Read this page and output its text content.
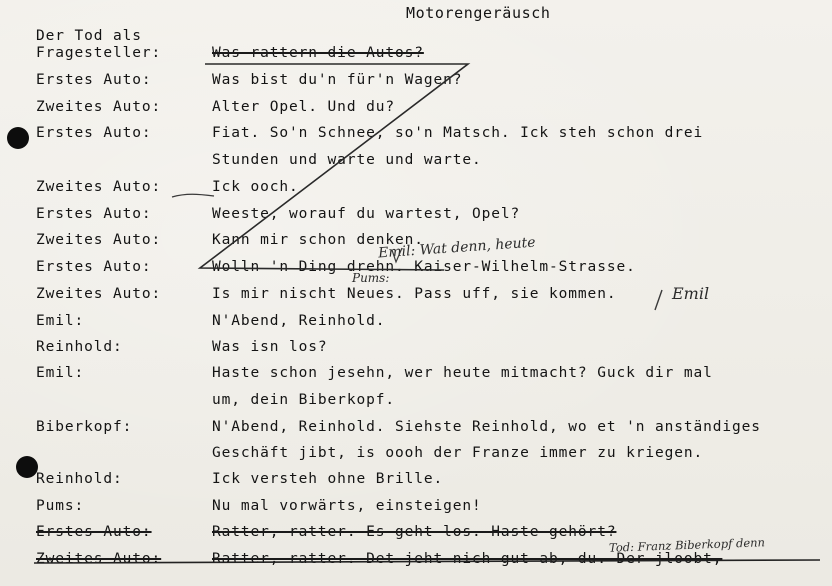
Motorengeräusch
Der Tod als
Fragesteller:
Erstes Auto:
Zweites Auto:
Erstes Auto:
Zweites Auto:
Erstes Auto:
Zweites Auto:
Erstes Auto:
Zweites Auto:
Emil:
Reinhold:
Emil:
Biberkopf:
Reinhold:
Pums:
Erstes Auto:
Zweites Auto:
Was rattern die Autos?
Was bist du'n für'n Wagen?
Alter Opel. Und du?
Fiat. So'n Schnee, so'n Matsch. Ick steh schon drei
Stunden und warte und warte.
Ick ooch.
Weeste, worauf du wartest, Opel?
Kann mir schon denken.
Wolln 'n Ding drehn. Kaiser-Wilhelm-Strasse.
Is mir nischt Neues. Pass uff, sie kommen.
N'Abend, Reinhold.
Was isn los?
Haste schon jesehn, wer heute mitmacht? Guck dir mal
um, dein Biberkopf.
N'Abend, Reinhold. Siehste Reinhold, wo et 'n anständiges
Geschäft jibt, is oooh der Franze immer zu kriegen.
Ick versteh ohne Brille.
Nu mal vorwärts, einsteigen!
Ratter, ratter. Es geht los. Haste gehört?
Ratter, ratter. Det jeht nich gut ab, du. Der jloobt,
Emil: Wat denn, heute
Pums:
Emil
Tod: Franz Biberkopf denn
